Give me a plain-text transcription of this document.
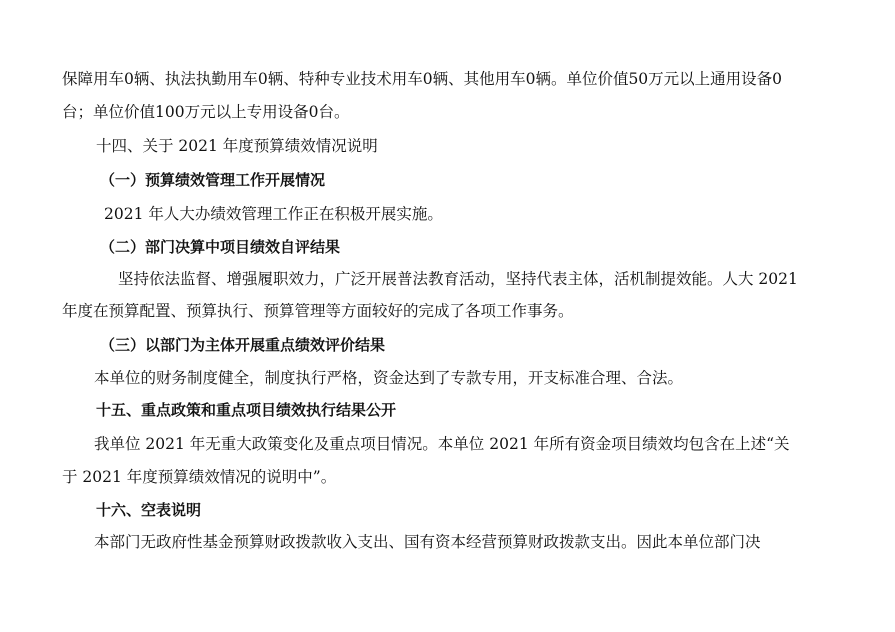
保障用车0辆、执法执勤用车0辆、特种专业技术用车0辆、其他用车0辆。单位价值50万元以上通用设备0
台；单位价值100万元以上专用设备0台。
十四、关于 2021 年度预算绩效情况说明
（一）预算绩效管理工作开展情况
2021 年人大办绩效管理工作正在积极开展实施。
（二）部门决算中项目绩效自评结果
坚持依法监督、增强履职效力，广泛开展普法教育活动，坚持代表主体，活机制提效能。人大 2021
年度在预算配置、预算执行、预算管理等方面较好的完成了各项工作事务。
（三）以部门为主体开展重点绩效评价结果
本单位的财务制度健全，制度执行严格，资金达到了专款专用，开支标准合理、合法。
十五、重点政策和重点项目绩效执行结果公开
我单位 2021 年无重大政策变化及重点项目情况。本单位 2021 年所有资金项目绩效均包含在上述“关
于 2021 年度预算绩效情况的说明中”。
十六、空表说明
本部门无政府性基金预算财政拨款收入支出、国有资本经营预算财政拨款支出。因此本单位部门决
